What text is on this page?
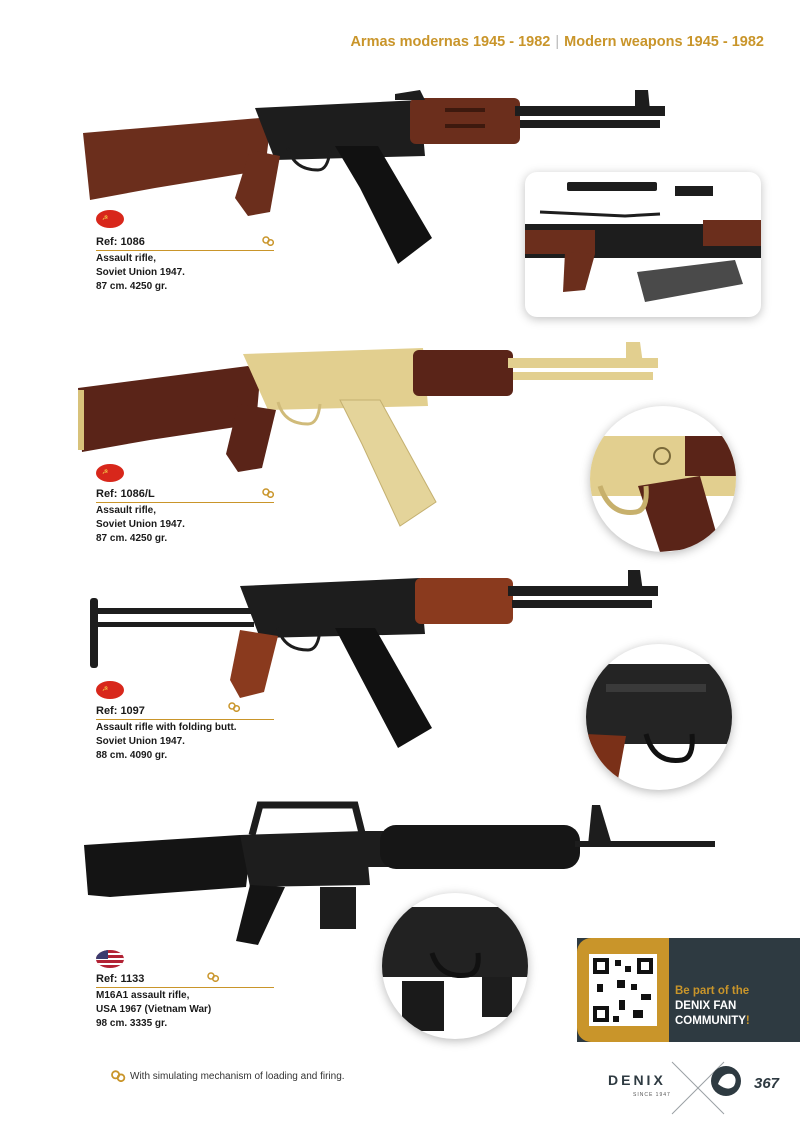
Armas modernas 1945 - 1982 | Modern weapons 1945 - 1982
☭
Ref: 1086
Assault rifle,
Soviet Union 1947.
87 cm. 4250 gr.
☭
Ref: 1086/L
Assault rifle,
Soviet Union 1947.
87 cm. 4250 gr.
☭
Ref: 1097
Assault rifle with folding butt.
Soviet Union 1947.
88 cm. 4090 gr.
Ref: 1133
M16A1 assault rifle,
USA 1967 (Vietnam War)
98 cm. 3335 gr.
Be part of the
DENIX FAN
COMMUNITY!
With simulating mechanism of loading and firing.	DENIX
SINCE 1947
367
